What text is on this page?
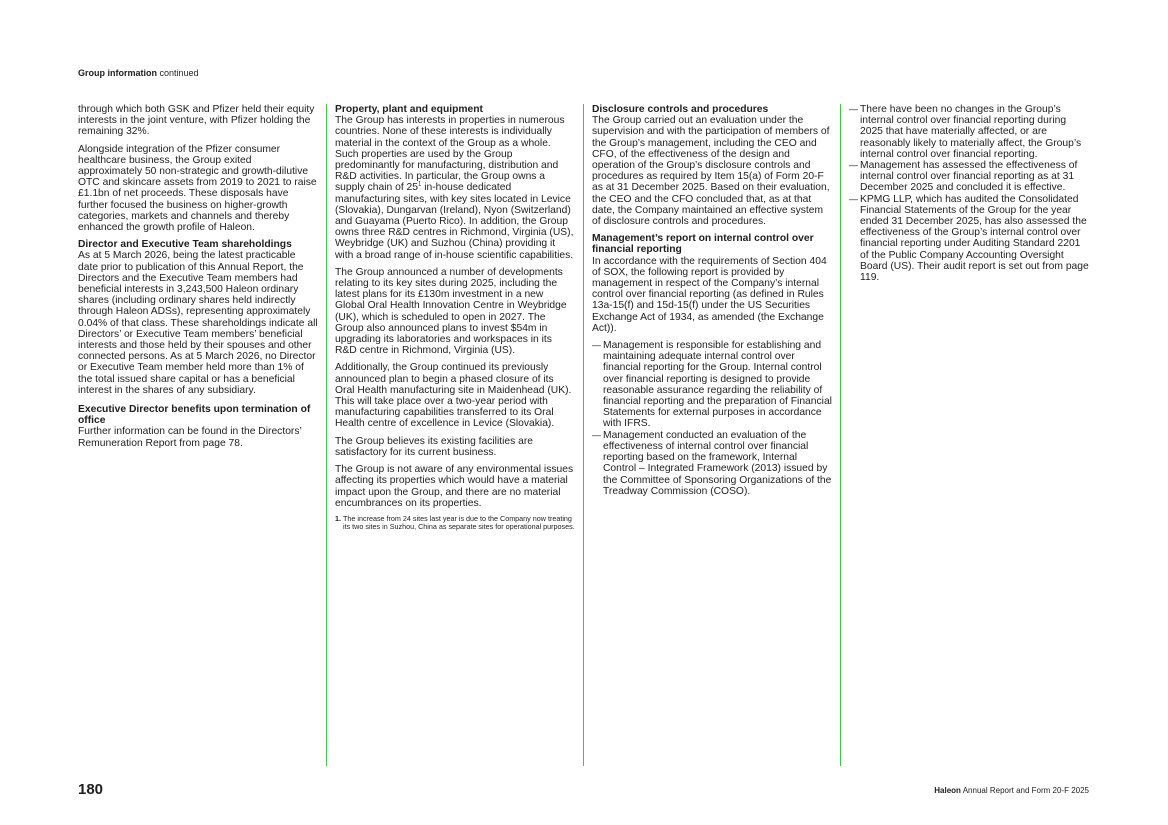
Group information continued

through which both GSK and Pfizer held their equity interests in the joint venture, with Pfizer holding the remaining 32%.

Alongside integration of the Pfizer consumer healthcare business, the Group exited approximately 50 non-strategic and growth-dilutive OTC and skincare assets from 2019 to 2021 to raise £1.1bn of net proceeds. These disposals have further focused the business on higher-growth categories, markets and channels and thereby enhanced the growth profile of Haleon.

Director and Executive Team shareholdings

As at 5 March 2026, being the latest practicable date prior to publication of this Annual Report, the Directors and the Executive Team members had beneficial interests in 3,243,500 Haleon ordinary shares (including ordinary shares held indirectly through Haleon ADSs), representing approximately 0.04% of that class. These shareholdings indicate all Directors’ or Executive Team members’ beneficial interests and those held by their spouses and other connected persons. As at 5 March 2026, no Director or Executive Team member held more than 1% of the total issued share capital or has a beneficial interest in the shares of any subsidiary.

Executive Director benefits upon termination of office

Further information can be found in the Directors’ Remuneration Report from page 78.

Property, plant and equipment

The Group has interests in properties in numerous countries. None of these interests is individually material in the context of the Group as a whole. Such properties are used by the Group predominantly for manufacturing, distribution and R&D activities. In particular, the Group owns a supply chain of $25^1$ in-house dedicated manufacturing sites, with key sites located in Levice (Slovakia), Dungarvan (Ireland), Nyon (Switzerland) and Guayama (Puerto Rico). In addition, the Group owns three R&D centres in Richmond, Virginia (US), Weybridge (UK) and Suzhou (China) providing it with a broad range of in-house scientific capabilities.

The Group announced a number of developments relating to its key sites during 2025, including the latest plans for its £130m investment in a new Global Oral Health Innovation Centre in Weybridge (UK), which is scheduled to open in 2027. The Group also announced plans to invest $54m in upgrading its laboratories and workspaces in its R&D centre in Richmond, Virginia (US).

Additionally, the Group continued its previously announced plan to begin a phased closure of its Oral Health manufacturing site in Maidenhead (UK). This will take place over a two-year period with manufacturing capabilities transferred to its Oral Health centre of excellence in Levice (Slovakia).

The Group believes its existing facilities are satisfactory for its current business.

The Group is not aware of any environmental issues affecting its properties which would have a material impact upon the Group, and there are no material encumbrances on its properties.

1. The increase from 24 sites last year is due to the Company now treating its two sites in Suzhou, China as separate sites for operational purposes.
Disclosure controls and procedures

The Group carried out an evaluation under the supervision and with the participation of members of the Group’s management, including the CEO and CFO, of the effectiveness of the design and operation of the Group’s disclosure controls and procedures as required by Item 15(a) of Form 20-F as at 31 December 2025. Based on their evaluation, the CEO and the CFO concluded that, as at that date, the Company maintained an effective system of disclosure controls and procedures.

Management’s report on internal control over financial reporting

In accordance with the requirements of Section 404 of SOX, the following report is provided by management in respect of the Company’s internal control over financial reporting (as defined in Rules 13a-15(f) and 15d-15(f) under the US Securities Exchange Act of 1934, as amended (the Exchange Act)).

— Management is responsible for establishing and maintaining adequate internal control over financial reporting for the Group. Internal control over financial reporting is designed to provide reasonable assurance regarding the reliability of financial reporting and the preparation of Financial Statements for external purposes in accordance with IFRS.
— Management conducted an evaluation of the effectiveness of internal control over financial reporting based on the framework, Internal Control – Integrated Framework (2013) issued by the Committee of Sponsoring Organizations of the Treadway Commission (COSO).
— There have been no changes in the Group’s internal control over financial reporting during 2025 that have materially affected, or are reasonably likely to materially affect, the Group’s internal control over financial reporting.
— Management has assessed the effectiveness of internal control over financial reporting as at 31 December 2025 and concluded it is effective.
— KPMG LLP, which has audited the Consolidated Financial Statements of the Group for the year ended 31 December 2025, has also assessed the effectiveness of the Group’s internal control over financial reporting under Auditing Standard 2201 of the Public Company Accounting Oversight Board (US). Their audit report is set out from page 119.
180	Haleon Annual Report and Form 20-F 2025
